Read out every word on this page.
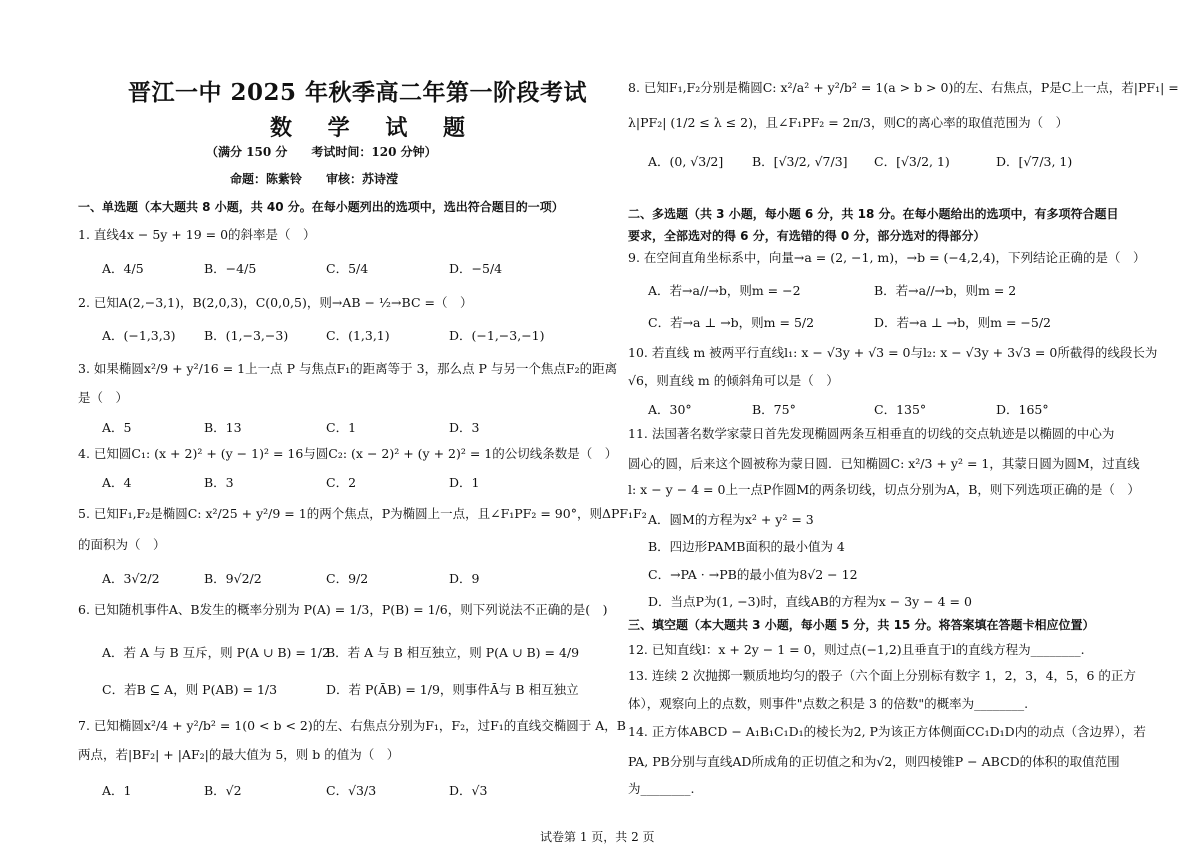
晋江一中 2025 年秋季高二年第一阶段考试
数 学 试 题
（满分 150 分　　考试时间：120 分钟）
命题：陈紫铃　　审核：苏诗滢
一、单选题（本大题共 8 小题，共 40 分。在每小题列出的选项中，选出符合题目的一项）
1. 直线4x − 5y + 19 = 0的斜率是（　）
A．4/5	B．−4/5	C．5/4	D．−5/4
2. 已知A(2,−3,1)，B(2,0,3)，C(0,0,5)，则→AB − ½→BC =（　）
A．(−1,3,3) B．(1,−3,−3)	C．(1,3,1)	D．(−1,−3,−1)
3. 如果椭圆x²/9 + y²/16 = 1上一点 P 与焦点F₁的距离等于 3，那么点 P 与另一个焦点F₂的距离
是（　）
A．5	B．13	C．1	D．3
4. 已知圆C₁: (x + 2)² + (y − 1)² = 16与圆C₂: (x − 2)² + (y + 2)² = 1的公切线条数是（　）
A．4	B．3	C．2	D．1
5. 已知F₁,F₂是椭圆C: x²/25 + y²/9 = 1的两个焦点，P为椭圆上一点，且∠F₁PF₂ = 90°，则ΔPF₁F₂
的面积为（　）
A．3√2/2	B．9√2/2	C．9/2	D．9
6. 已知随机事件A、B发生的概率分别为 P(A) = 1/3，P(B) = 1/6，则下列说法不正确的是(　)
A．若 A 与 B 互斥，则 P(A ∪ B) = 1/2
B．若 A 与 B 相互独立，则 P(A ∪ B) = 4/9
C．若B ⊆ A，则 P(AB) = 1/3	D．若 P(ĀB) = 1/9，则事件Ā与 B 相互独立
7. 已知椭圆x²/4 + y²/b² = 1(0 < b < 2)的左、右焦点分别为F₁，F₂，过F₁的直线交椭圆于 A，B
两点，若|BF₂| + |AF₂|的最大值为 5，则 b 的值为（　）
A．1	B．√2	C．√3/3	D．√3
8. 已知F₁,F₂分别是椭圆C: x²/a² + y²/b² = 1(a > b > 0)的左、右焦点，P是C上一点，若|PF₁| =
λ|PF₂| (1/2 ≤ λ ≤ 2)，且∠F₁PF₂ = 2π/3，则C的离心率的取值范围为（　）
A．(0, √3/2] B．[√3/2, √7/3] C．[√3/2, 1)	D．[√7/3, 1)
二、多选题（共 3 小题，每小题 6 分，共 18 分。在每小题给出的选项中，有多项符合题目
要求，全部选对的得 6 分，有选错的得 0 分，部分选对的得部分）
9. 在空间直角坐标系中，向量→a = (2, −1, m)，→b = (−4,2,4)，下列结论正确的是（　）
A．若→a//→b，则m = −2	B．若→a//→b，则m = 2
C．若→a ⊥ →b，则m = 5/2	D．若→a ⊥ →b，则m = −5/2
10. 若直线 m 被两平行直线l₁: x − √3y + √3 = 0与l₂: x − √3y + 3√3 = 0所截得的线段长为
√6，则直线 m 的倾斜角可以是（　）
A．30°	B．75°	C．135°	D．165°
11. 法国著名数学家蒙日首先发现椭圆两条互相垂直的切线的交点轨迹是以椭圆的中心为
圆心的圆，后来这个圆被称为蒙日圆．已知椭圆C: x²/3 + y² = 1，其蒙日圆为圆M，过直线
l: x − y − 4 = 0上一点P作圆M的两条切线，切点分别为A，B，则下列选项正确的是（　）
A．圆M的方程为x² + y² = 3
B．四边形PAMB面积的最小值为 4
C．→PA · →PB的最小值为8√2 − 12
D．当点P为(1, −3)时，直线AB的方程为x − 3y − 4 = 0
三、填空题（本大题共 3 小题，每小题 5 分，共 15 分。将答案填在答题卡相应位置）
12. 已知直线l：x + 2y − 1 = 0，则过点(−1,2)且垂直于l的直线方程为________.
13. 连续 2 次抛掷一颗质地均匀的骰子（六个面上分别标有数字 1，2，3，4，5，6 的正方
体），观察向上的点数，则事件"点数之积是 3 的倍数"的概率为________.
14. 正方体ABCD − A₁B₁C₁D₁的棱长为2, P为该正方体侧面CC₁D₁D内的动点（含边界），若
PA, PB分别与直线AD所成角的正切值之和为√2，则四棱锥P − ABCD的体积的取值范围
为________.
试卷第 1 页，共 2 页
